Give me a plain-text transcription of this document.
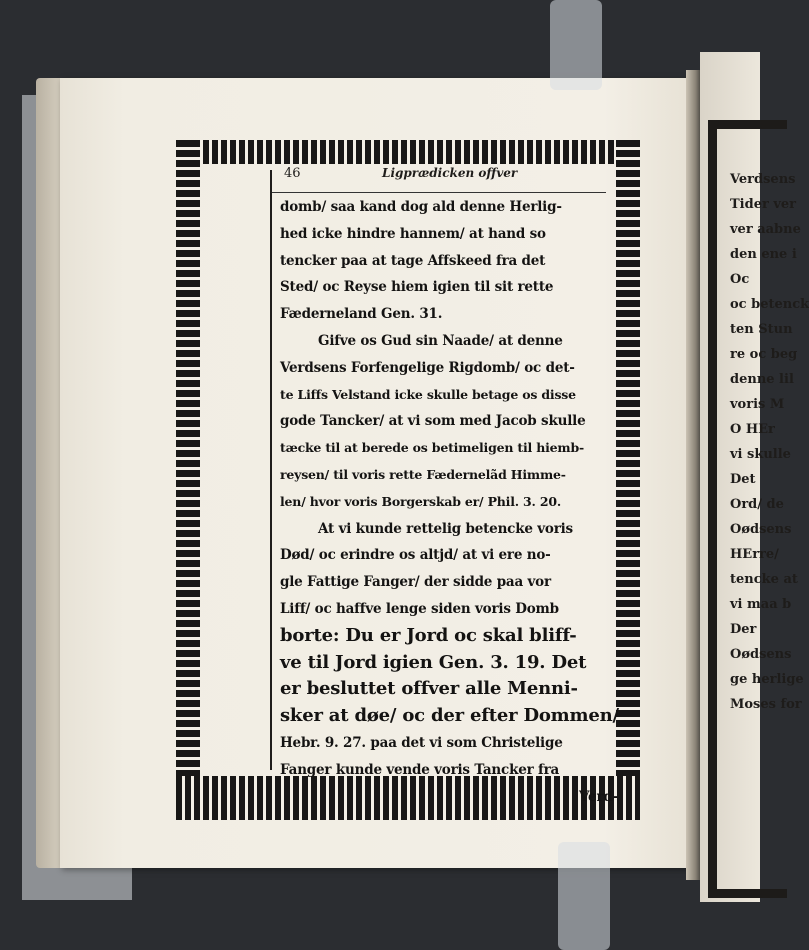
46	Ligprædicken offver
domb/ saa kand dog ald denne Herlig-
hed icke hindre hannem/ at hand so
tencker paa at tage Affskeed fra det
Sted/ oc Reyse hiem igien til sit rette
Fæderneland Gen. 31.
Gifve os Gud sin Naade/ at denne
Verdsens Forfengelige Rigdomb/ oc det-
te Liffs Velstand icke skulle betage os disse
gode Tancker/ at vi som med Jacob skulle
tæcke til at berede os betimeligen til hiemb-
reysen/ til voris rette Fædernelãd Himme-
len/ hvor voris Borgerskab er/ Phil. 3. 20.
At vi kunde rettelig betencke voris
Død/ oc erindre os altjd/ at vi ere no-
gle Fattige Fanger/ der sidde paa vor
Liff/ oc haffve lenge siden voris Domb
borte: Du er Jord oc skal bliff-
ve til Jord igien Gen. 3. 19. Det
er besluttet offver alle Menni-
sker at døe/ oc der efter Dommen/
Hebr. 9. 27. paa det vi som Christelige
Fanger kunde vende voris Tancker fra
Verd-
Verdsens
Tider ver
ver aabne
den ene i
Oc
oc betenck
ten Stun
re oc beg
denne lil
voris M
O HEr
vi skulle
Det
Ord/ de
Oødsens
HErre/
tencke at
vi maa b
Der
Oødsens
ge herlige
Moses for
